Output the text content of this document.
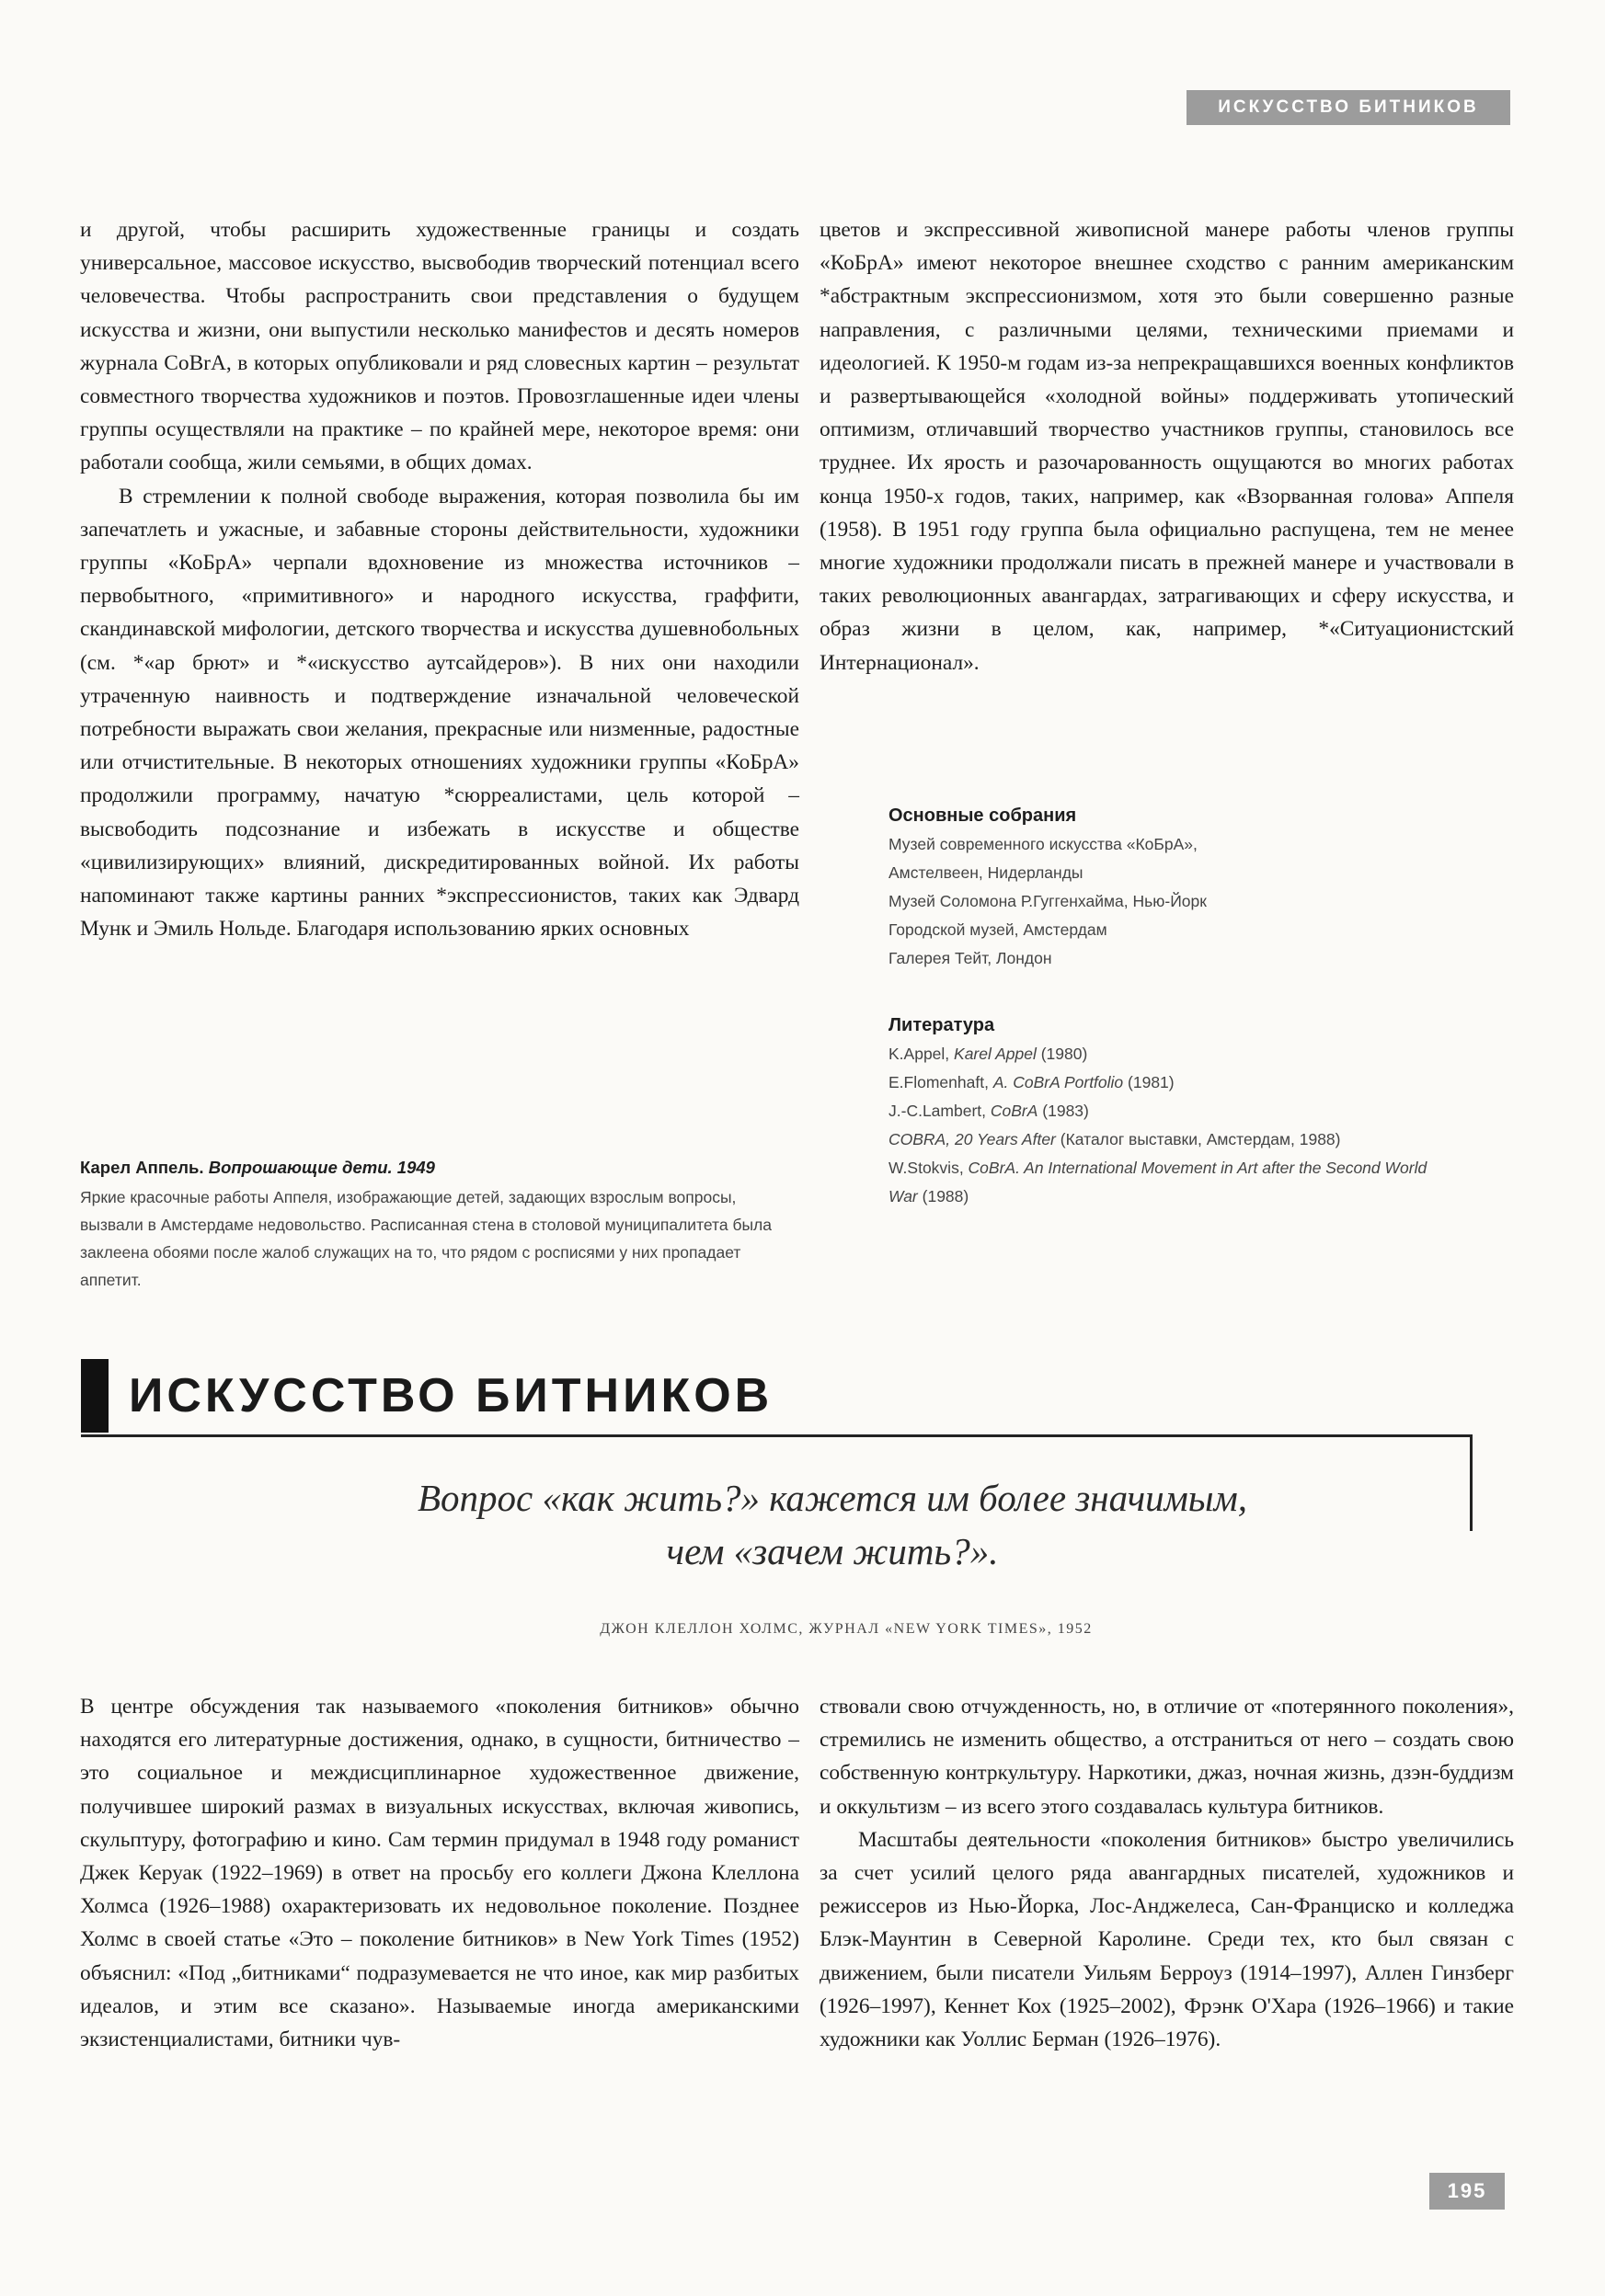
ИСКУССТВО БИТНИКОВ

и другой, чтобы расширить художественные границы и создать универсальное, массовое искусство, высвободив творческий потенциал всего человечества. Чтобы распространить свои представления о будущем искусства и жизни, они выпустили несколько манифестов и десять номеров журнала CoBrA, в которых опубликовали и ряд словесных картин – результат совместного творчества художников и поэтов. Провозглашенные идеи члены группы осуществляли на практике – по крайней мере, некоторое время: они работали сообща, жили семьями, в общих домах.

В стремлении к полной свободе выражения, которая позволила бы им запечатлеть и ужасные, и забавные стороны действительности, художники группы «КоБрА» черпали вдохновение из множества источников – первобытного, «примитивного» и народного искусства, граффити, скандинавской мифологии, детского творчества и искусства душевнобольных (см. *«ар брют» и *«искусство аутсайдеров»). В них они находили утраченную наивность и подтверждение изначальной человеческой потребности выражать свои желания, прекрасные или низменные, радостные или отчистительные. В некоторых отношениях художники группы «КоБрА» продолжили программу, начатую *сюрреалистами, цель которой – высвободить подсознание и избежать в искусстве и обществе «цивилизирующих» влияний, дискредитированных войной. Их работы напоминают также картины ранних *экспрессионистов, таких как Эдвард Мунк и Эмиль Нольде. Благодаря использованию ярких основных

цветов и экспрессивной живописной манере работы членов группы «КоБрА» имеют некоторое внешнее сходство с ранним американским *абстрактным экспрессионизмом, хотя это были совершенно разные направления, с различными целями, техническими приемами и идеологией. К 1950-м годам из-за непрекращавшихся военных конфликтов и развертывающейся «холодной войны» поддерживать утопический оптимизм, отличавший творчество участников группы, становилось все труднее. Их ярость и разочарованность ощущаются во многих работах конца 1950-х годов, таких, например, как «Взорванная голова» Аппеля (1958). В 1951 году группа была официально распущена, тем не менее многие художники продолжали писать в прежней манере и участвовали в таких революционных авангардах, затрагивающих и сферу искусства, и образ жизни в целом, как, например, *«Ситуационистский Интернационал».

Карел Аппель. Вопрошающие дети. 1949
Яркие красочные работы Аппеля, изображающие детей, задающих взрослым вопросы, вызвали в Амстердаме недовольство. Расписанная стена в столовой муниципалитета была заклеена обоями после жалоб служащих на то, что рядом с росписями у них пропадает аппетит.
Основные собрания
Музей современного искусства «КоБрА»,
Амстелвеен, Нидерланды
Музей Соломона Р.Гуггенхайма, Нью-Йорк
Городской музей, Амстердам
Галерея Тейт, Лондон
Литература
K.Appel, Karel Appel (1980)
E.Flomenhaft, A. CoBrA Portfolio (1981)
J.-C.Lambert, CoBrA (1983)
COBRA, 20 Years After (Каталог выставки, Амстердам, 1988)
W.Stokvis, CoBrA. An International Movement in Art after the Second World War (1988)
ИСКУССТВО БИТНИКОВ
Вопрос «как жить?» кажется им более значимым,
чем «зачем жить?».
ДЖОН КЛЕЛЛОН ХОЛМС, ЖУРНАЛ «NEW YORK TIMES», 1952

В центре обсуждения так называемого «поколения битников» обычно находятся его литературные достижения, однако, в сущности, битничество – это социальное и междисциплинарное художественное движение, получившее широкий размах в визуальных искусствах, включая живопись, скульптуру, фотографию и кино. Сам термин придумал в 1948 году романист Джек Керуак (1922–1969) в ответ на просьбу его коллеги Джона Клеллона Холмса (1926–1988) охарактеризовать их недовольное поколение. Позднее Холмс в своей статье «Это – поколение битников» в New York Times (1952) объяснил: «Под „битниками“ подразумевается не что иное, как мир разбитых идеалов, и этим все сказано». Называемые иногда американскими экзистенциалистами, битники чув-

ствовали свою отчужденность, но, в отличие от «потерянного поколения», стремились не изменить общество, а отстраниться от него – создать свою собственную контркультуру. Наркотики, джаз, ночная жизнь, дзэн-буддизм и оккультизм – из всего этого создавалась культура битников.

Масштабы деятельности «поколения битников» быстро увеличились за счет усилий целого ряда авангардных писателей, художников и режиссеров из Нью-Йорка, Лос-Анджелеса, Сан-Франциско и колледжа Блэк-Маунтин в Северной Каролине. Среди тех, кто был связан с движением, были писатели Уильям Берроуз (1914–1997), Аллен Гинзберг (1926–1997), Кеннет Кох (1925–2002), Фрэнк О'Хара (1926–1966) и такие художники как Уоллис Берман (1926–1976).

195
